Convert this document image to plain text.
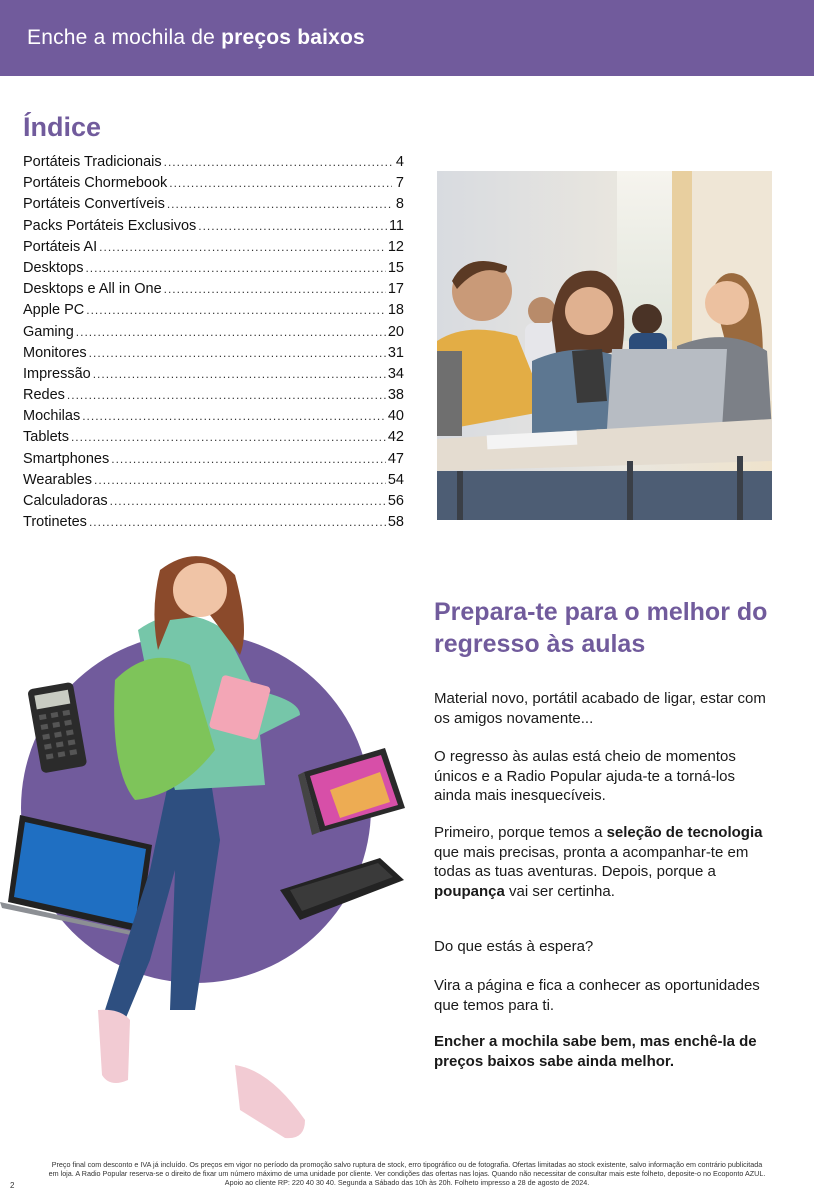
Enche a mochila de preços baixos
Índice
Portáteis Tradicionais .....	4
Portáteis Chormebook .....	7
Portáteis Convertíveis .....	8
Packs Portáteis Exclusivos .....	11
Portáteis AI .....	12
Desktops .....	15
Desktops e All in One .....	17
Apple PC .....	18
Gaming .....	20
Monitores .....	31
Impressão .....	34
Redes .....	38
Mochilas .....	40
Tablets .....	42
Smartphones .....	47
Wearables .....	54
Calculadoras .....	56
Trotinetes .....	58
Prepara-te para o melhor do regresso às aulas
Material novo, portátil acabado de ligar, estar com os amigos novamente...
O regresso às aulas está cheio de momentos únicos e a Radio Popular ajuda-te a torná-los ainda mais inesquecíveis.
Primeiro, porque temos a seleção de tecnologia que mais precisas, pronta a acompanhar-te em todas as tuas aventuras. Depois, porque a poupança vai ser certinha.
Do que estás à espera?
Vira a página e fica a conhecer as oportunidades que temos para ti.
Encher a mochila sabe bem, mas enchê-la de preços baixos sabe ainda melhor.
Preço final com desconto e IVA já incluído. Os preços em vigor no período da promoção salvo ruptura de stock, erro tipográfico ou de fotografia. Ofertas limitadas ao stock existente, salvo informação em contrário publicitada
em loja. A Radio Popular reserva-se o direito de fixar um número máximo de uma unidade por cliente. Ver condições das ofertas nas lojas. Quando não necessitar de consultar mais este folheto, deposite-o no Ecoponto AZUL.
Apoio ao cliente RP: 220 40 30 40. Segunda a Sábado das 10h às 20h. Folheto impresso a 28 de agosto de 2024.
2
